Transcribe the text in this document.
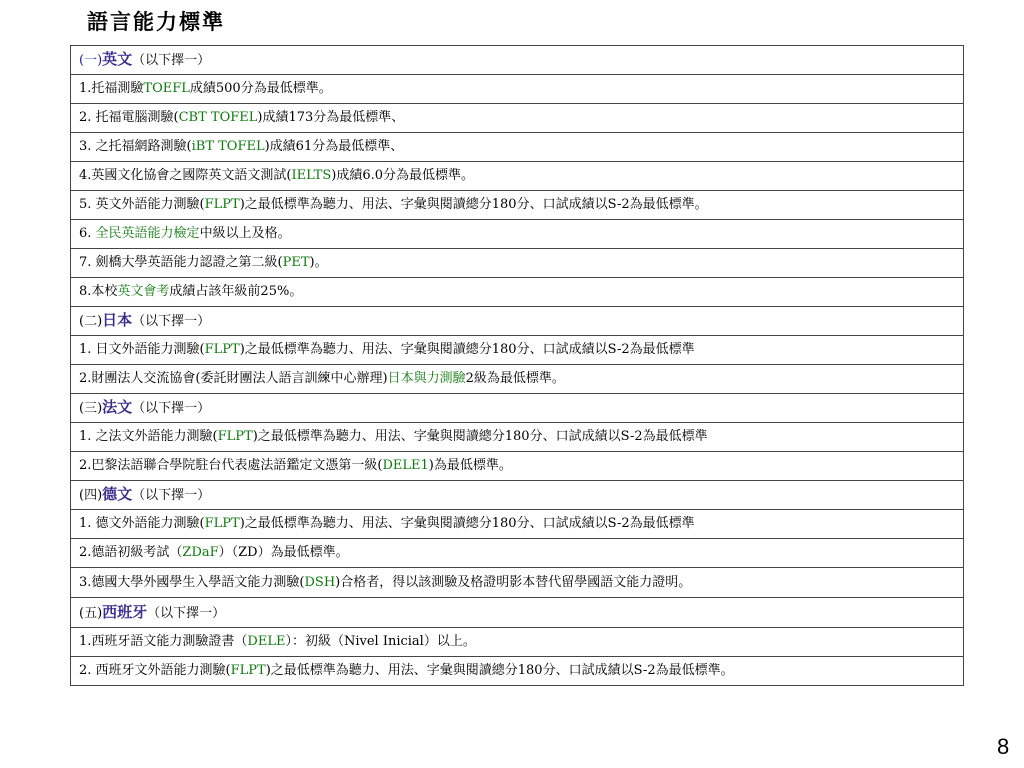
語言能力標準
(一)英文（以下擇一）
1.托福測驗TOEFL成績500分為最低標準。
2. 托福電腦測驗(CBT TOFEL)成績173分為最低標準、
3. 之托福網路測驗(iBT TOFEL)成績61分為最低標準、
4.英國文化協會之國際英文語文測試(IELTS)成績6.0分為最低標準。
5. 英文外語能力測驗(FLPT)之最低標準為聽力、用法、字彙與閱讀總分180分、口試成績以S-2為最低標準。
6. 全民英語能力檢定中級以上及格。
7. 劍橋大學英語能力認證之第二級(PET)。
8.本校英文會考成績占該年級前25%。
(二)日本（以下擇一）
1. 日文外語能力測驗(FLPT)之最低標準為聽力、用法、字彙與閱讀總分180分、口試成績以S-2為最低標準
2.財團法人交流協會(委託財團法人語言訓練中心辦理)日本與力測驗2級為最低標準。
(三)法文（以下擇一）
1. 之法文外語能力測驗(FLPT)之最低標準為聽力、用法、字彙與閱讀總分180分、口試成績以S-2為最低標準
2.巴黎法語聯合學院駐台代表處法語鑑定文憑第一級(DELE1)為最低標準。
(四)德文（以下擇一）
1. 德文外語能力測驗(FLPT)之最低標準為聽力、用法、字彙與閱讀總分180分、口試成績以S-2為最低標準
2.德語初級考試（ZDaF）（ZD）為最低標準。
3.德國大學外國學生入學語文能力測驗(DSH)合格者，得以該測驗及格證明影本替代留學國語文能力證明。
(五)西班牙（以下擇一）
1.西班牙語文能力測驗證書（DELE）：初級（Nivel Inicial）以上。
2. 西班牙文外語能力測驗(FLPT)之最低標準為聽力、用法、字彙與閱讀總分180分、口試成績以S-2為最低標準。
8
